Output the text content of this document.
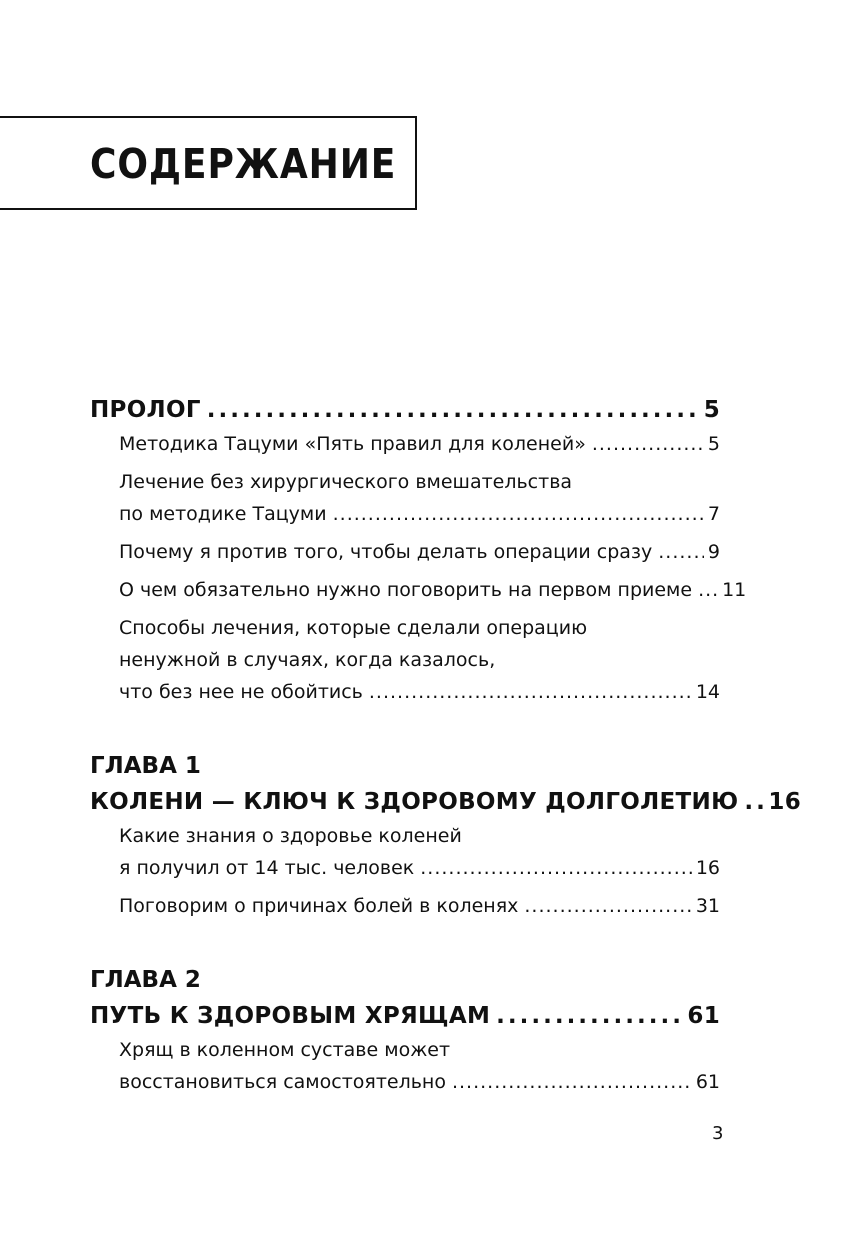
СОДЕРЖАНИЕ
ПРОЛОГ .....	5
Методика Тацуми «Пять правил для коленей» .....	5
Лечение без хирургического вмешательства
по методике Тацуми .....	7
Почему я против того, чтобы делать операции сразу .....	9
О чем обязательно нужно поговорить на первом приеме ..... 11
Способы лечения, которые сделали операцию
ненужной в случаях, когда казалось,
что без нее не обойтись .....	14
ГЛАВА 1
КОЛЕНИ — КЛЮЧ К ЗДОРОВОМУ ДОЛГОЛЕТИЮ ..... 16
Какие знания о здоровье коленей
я получил от 14 тыс. человек .....	16
Поговорим о причинах болей в коленях .....	31
ГЛАВА 2
ПУТЬ К ЗДОРОВЫМ ХРЯЩАМ .....	61
Хрящ в коленном суставе может
восстановиться самостоятельно .....	61
3
